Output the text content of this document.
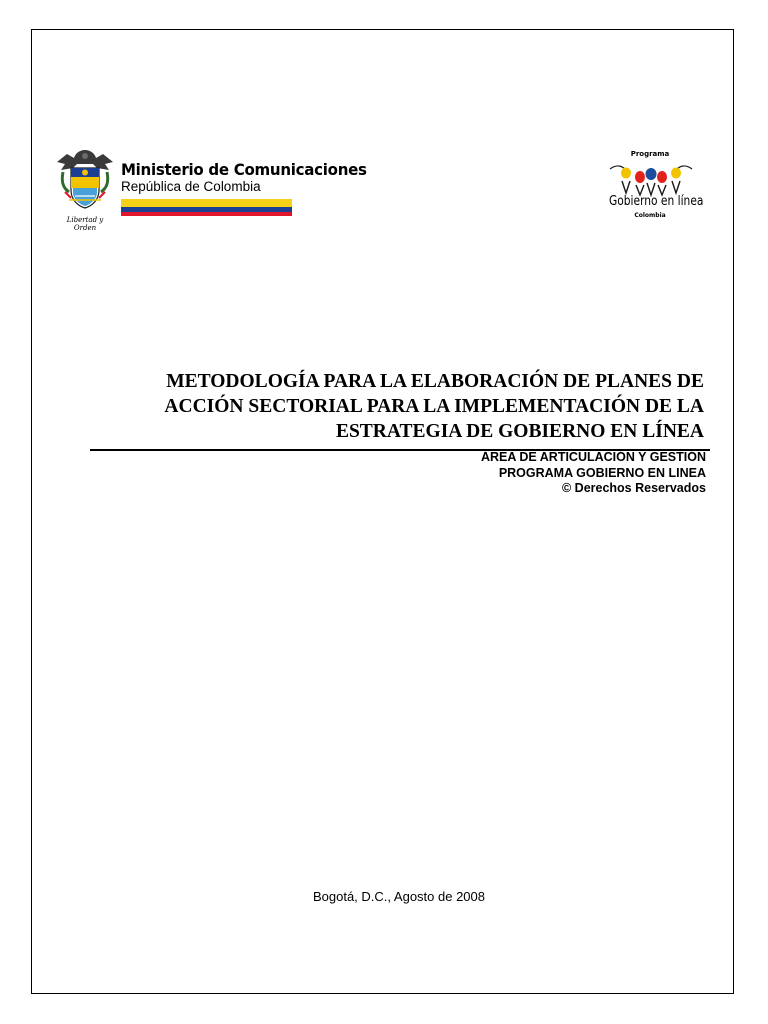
Libertad y Orden
Ministerio de Comunicaciones
República de Colombia
Programa
Gobierno en línea
Colombia
METODOLOGÍA PARA LA ELABORACIÓN DE PLANES DE
ACCIÓN SECTORIAL PARA LA IMPLEMENTACIÓN DE LA
ESTRATEGIA DE GOBIERNO EN LÍNEA
ÁREA DE ARTICULACIÓN Y GESTIÓN
PROGRAMA GOBIERNO EN LINEA
© Derechos Reservados
Bogotá, D.C., Agosto de 2008
